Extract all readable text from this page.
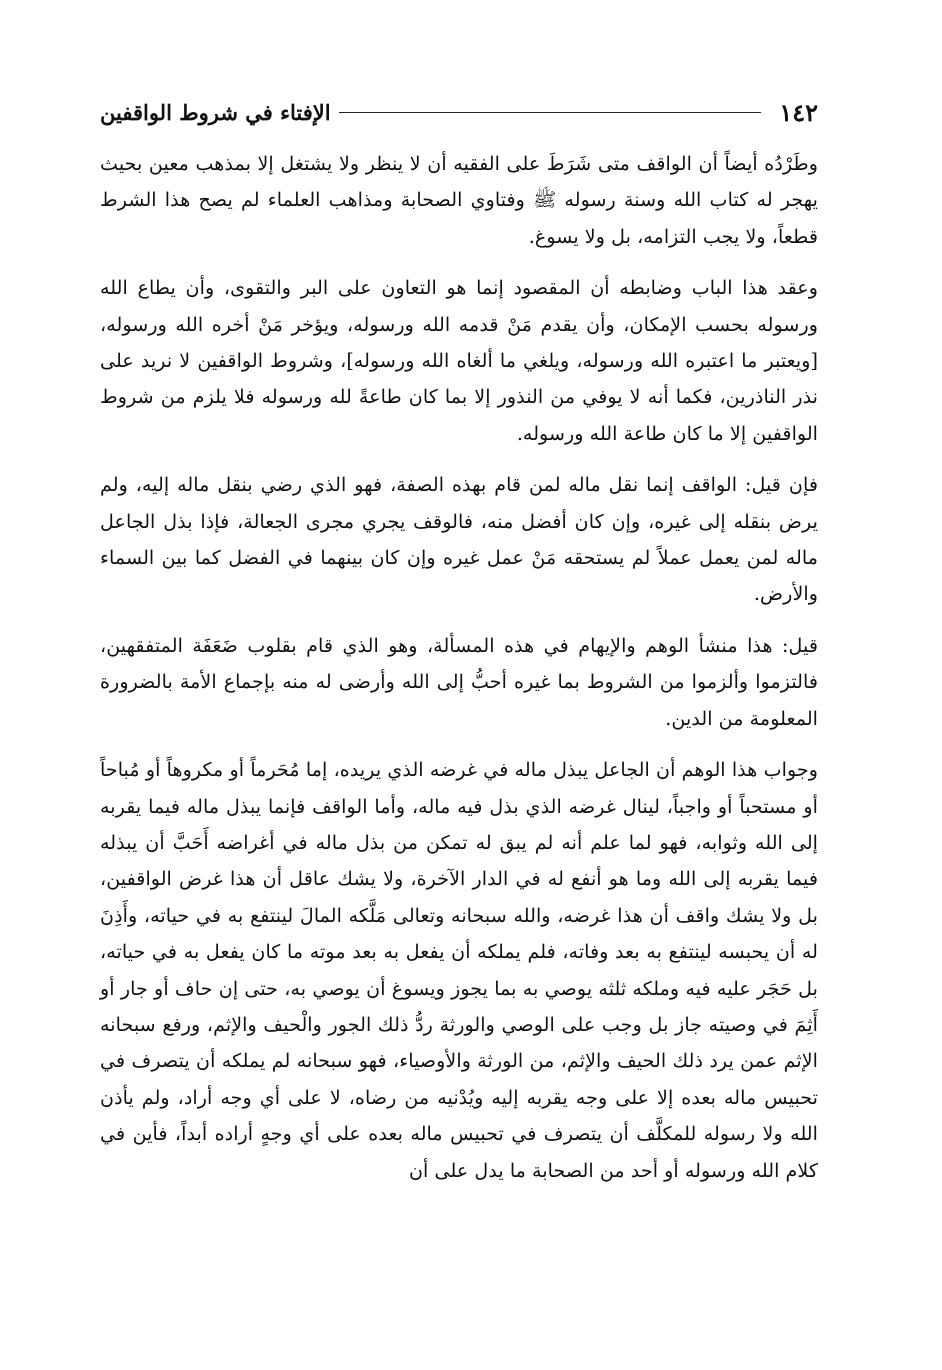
١٤٢
الإفتاء في شروط الواقفين

وطَرْدُه أيضاً أن الواقف متى شَرَطَ على الفقيه أن لا ينظر ولا يشتغل إلا بمذهب معين بحيث يهجر له كتاب الله وسنة رسوله ﷺ وفتاوي الصحابة ومذاهب العلماء لم يصح هذا الشرط قطعاً، ولا يجب التزامه، بل ولا يسوغ.

وعقد هذا الباب وضابطه أن المقصود إنما هو التعاون على البر والتقوى، وأن يطاع الله ورسوله بحسب الإمكان، وأن يقدم مَنْ قدمه الله ورسوله، ويؤخر مَنْ أخره الله ورسوله، [ويعتبر ما اعتبره الله ورسوله، ويلغي ما ألغاه الله ورسوله]، وشروط الواقفين لا نريد على نذر الناذرين، فكما أنه لا يوفي من النذور إلا بما كان طاعةً لله ورسوله فلا يلزم من شروط الواقفين إلا ما كان طاعة الله ورسوله.

فإن قيل: الواقف إنما نقل ماله لمن قام بهذه الصفة، فهو الذي رضي بنقل ماله إليه، ولم يرض بنقله إلى غيره، وإن كان أفضل منه، فالوقف يجري مجرى الجعالة، فإذا بذل الجاعل ماله لمن يعمل عملاً لم يستحقه مَنْ عمل غيره وإن كان بينهما في الفضل كما بين السماء والأرض.

قيل: هذا منشأ الوهم والإيهام في هذه المسألة، وهو الذي قام بقلوب ضَعَفَة المتفقهين، فالتزموا وألزموا من الشروط بما غيره أحبُّ إلى الله وأرضى له منه بإجماع الأمة بالضرورة المعلومة من الدين.

وجواب هذا الوهم أن الجاعل يبذل ماله في غرضه الذي يريده، إما مُحَرماً أو مكروهاً أو مُباحاً أو مستحباً أو واجباً، لينال غرضه الذي بذل فيه ماله، وأما الواقف فإنما يبذل ماله فيما يقربه إلى الله وثوابه، فهو لما علم أنه لم يبق له تمكن من بذل ماله في أغراضه أَحَبَّ أن يبذله فيما يقربه إلى الله وما هو أنفع له في الدار الآخرة، ولا يشك عاقل أن هذا غرض الواقفين، بل ولا يشك واقف أن هذا غرضه، والله سبحانه وتعالى مَلَّكه المالَ لينتفع به في حياته، وأَذِنَ له أن يحبسه لينتفع به بعد وفاته، فلم يملكه أن يفعل به بعد موته ما كان يفعل به في حياته، بل حَجَر عليه فيه وملكه ثلثه يوصي به بما يجوز ويسوغ أن يوصي به، حتى إن حاف أو جار أو أَثِمَ في وصيته جاز بل وجب على الوصي والورثة ردُّ ذلك الجور والْحيف والإثم، ورفع سبحانه الإثم عمن يرد ذلك الحيف والإثم، من الورثة والأوصياء، فهو سبحانه لم يملكه أن يتصرف في تحبيس ماله بعده إلا على وجه يقربه إليه ويُدْنيه من رضاه، لا على أي وجه أراد، ولم يأذن الله ولا رسوله للمكلَّف أن يتصرف في تحبيس ماله بعده على أي وجهٍ أراده أبداً، فأين في كلام الله ورسوله أو أحد من الصحابة ما يدل على أن
